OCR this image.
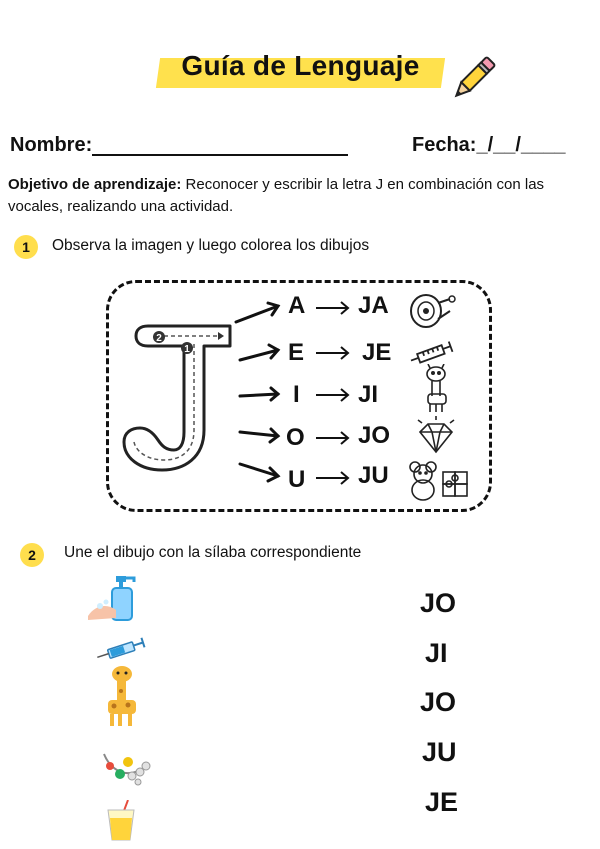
Guía de Lenguaje
Nombre:	Fecha:_/__/____
Objetivo de aprendizaje: Reconocer y escribir la letra J en combinación con las vocales, realizando una actividad.
1	Observa la imagen y luego colorea los dibujos
2
1
A JA
E JE
I JI
O JO
U JU
2	Une el dibujo con la sílaba correspondiente
JO
JI
JO
JU
JE
